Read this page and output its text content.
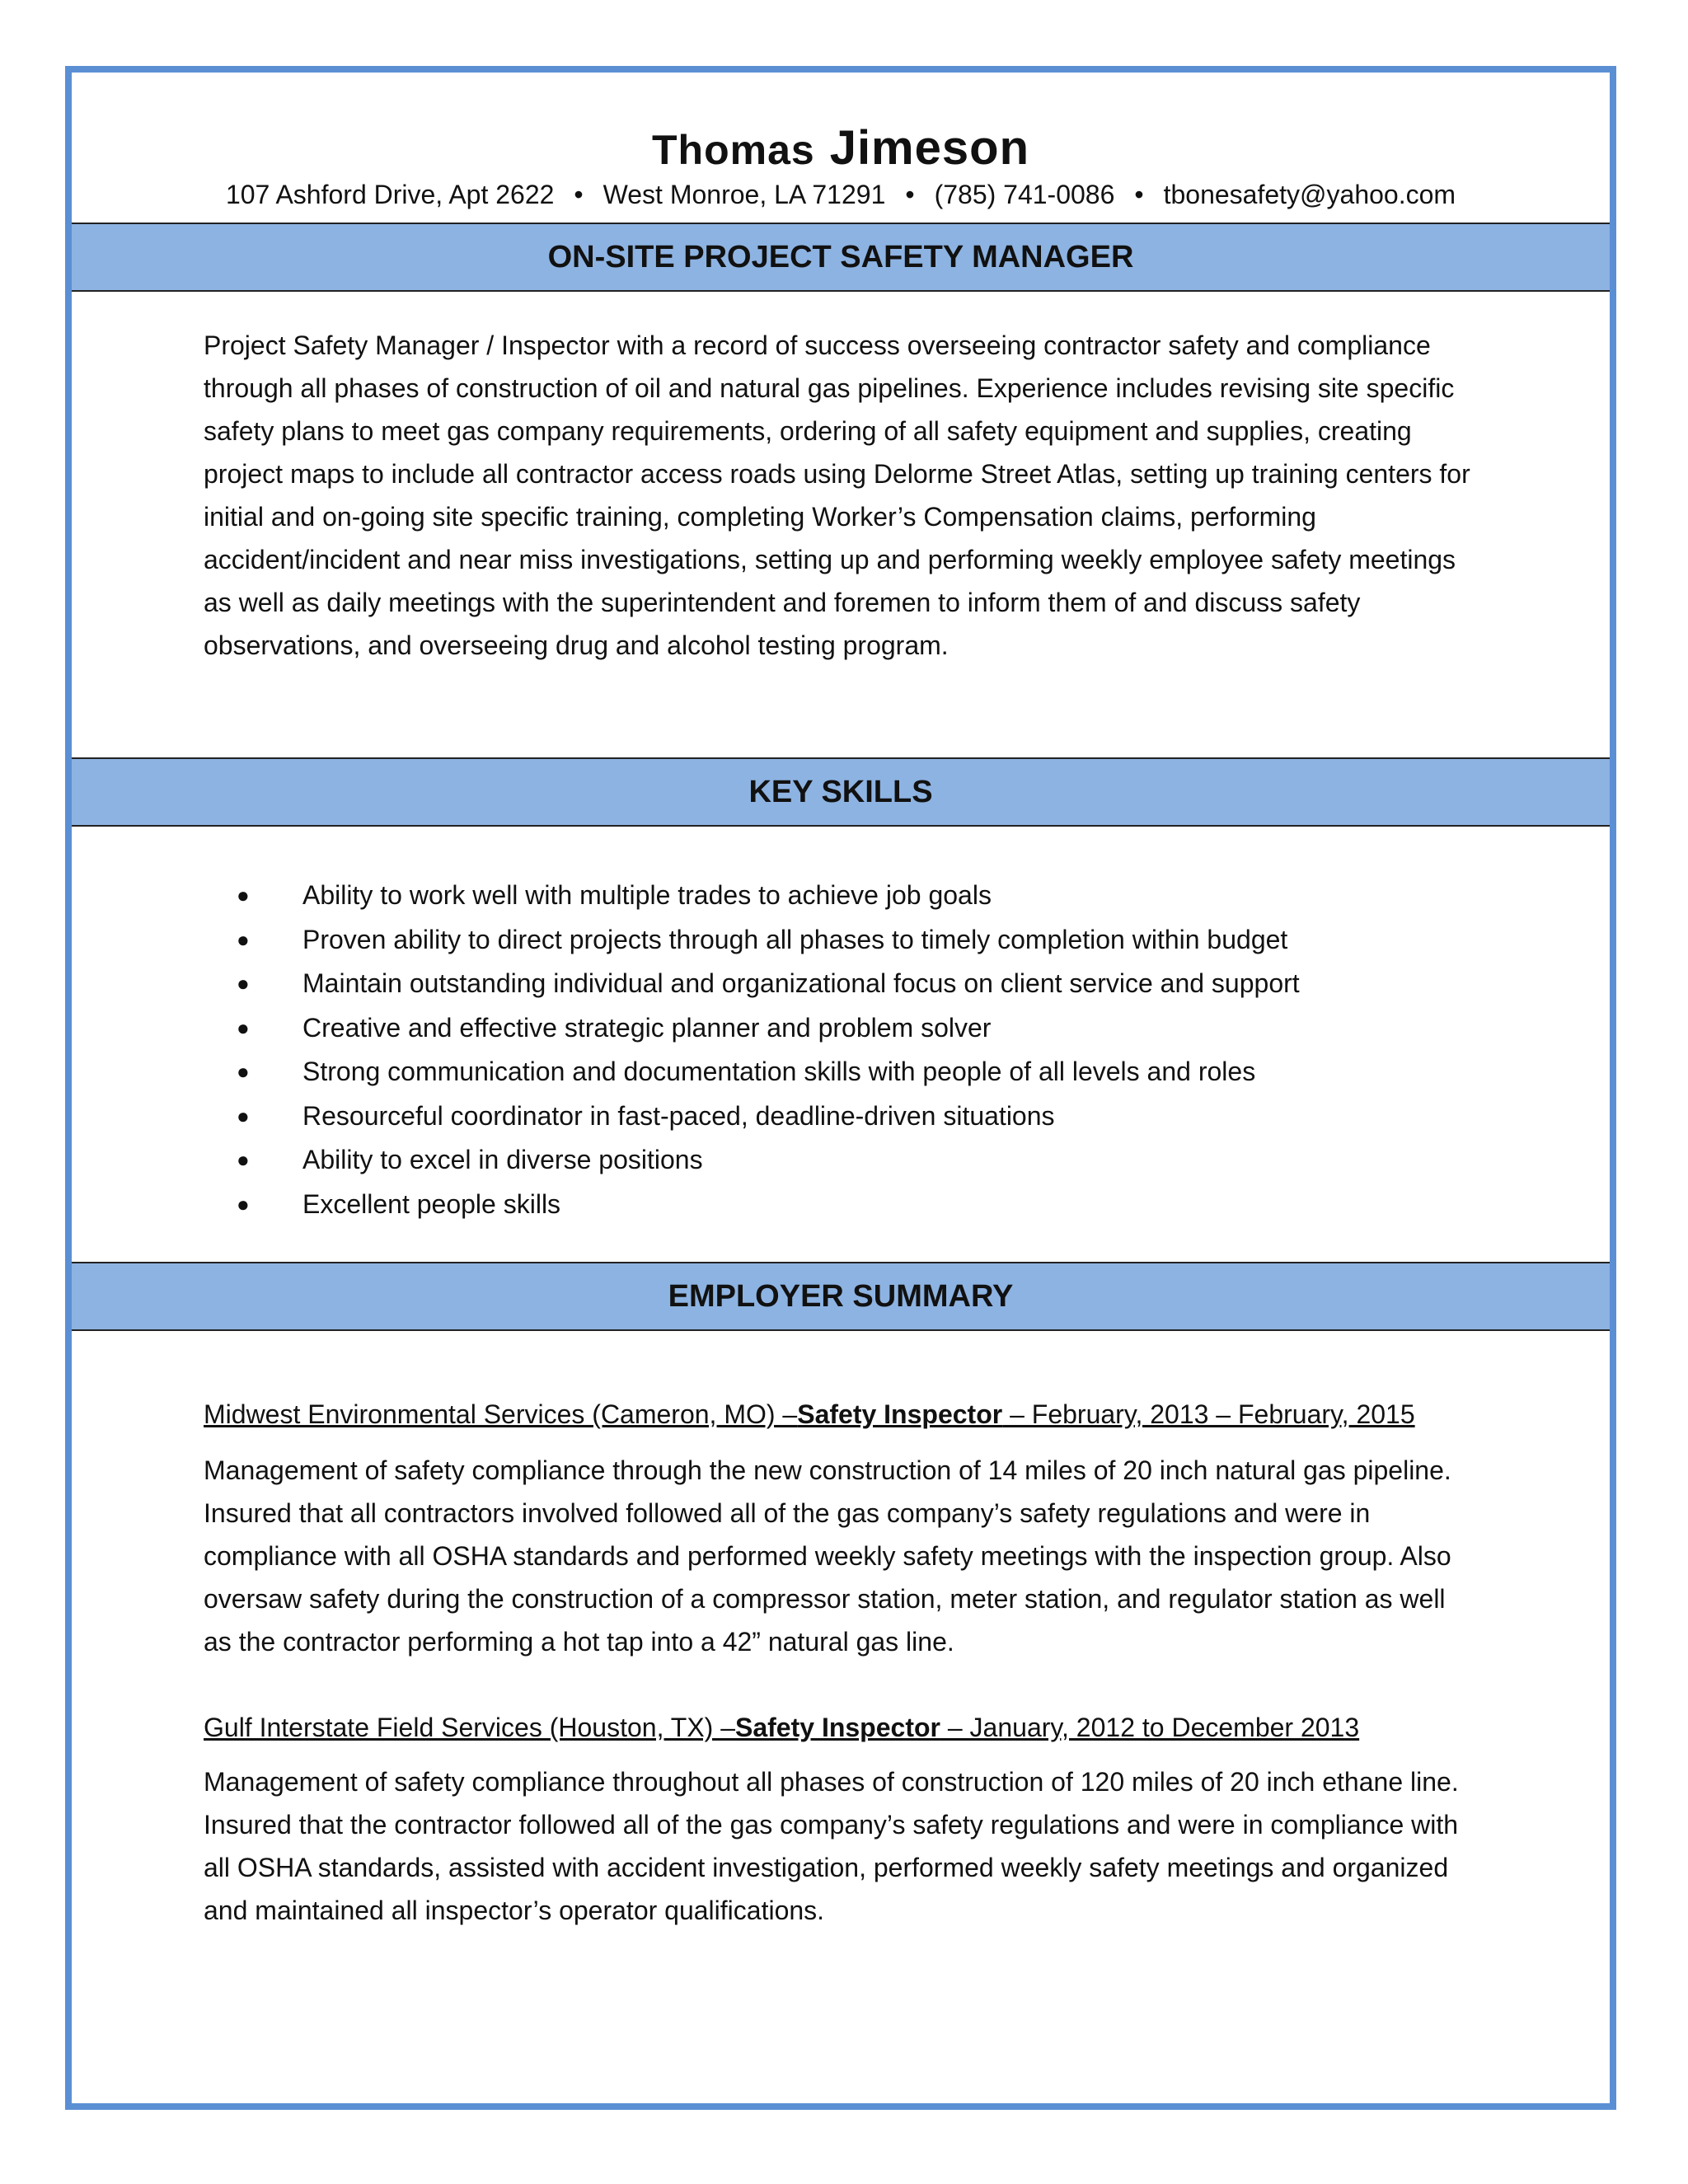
Thomas Jimeson
107 Ashford Drive, Apt 2622 • West Monroe, LA 71291 • (785) 741-0086 • tbonesafety@yahoo.com
ON-SITE PROJECT SAFETY MANAGER
Project Safety Manager / Inspector with a record of success overseeing contractor safety and compliance through all phases of construction of oil and natural gas pipelines. Experience includes revising site specific safety plans to meet gas company requirements, ordering of all safety equipment and supplies, creating project maps to include all contractor access roads using Delorme Street Atlas, setting up training centers for initial and on-going site specific training, completing Worker’s Compensation claims, performing accident/incident and near miss investigations, setting up and performing weekly employee safety meetings as well as daily meetings with the superintendent and foremen to inform them of and discuss safety observations, and overseeing drug and alcohol testing program.
KEY SKILLS
● Ability to work well with multiple trades to achieve job goals
● Proven ability to direct projects through all phases to timely completion within budget
● Maintain outstanding individual and organizational focus on client service and support
● Creative and effective strategic planner and problem solver
● Strong communication and documentation skills with people of all levels and roles
● Resourceful coordinator in fast-paced, deadline-driven situations
● Ability to excel in diverse positions
● Excellent people skills
EMPLOYER SUMMARY
Midwest Environmental Services (Cameron, MO) –Safety Inspector – February, 2013 – February, 2015
Management of safety compliance through the new construction of 14 miles of 20 inch natural gas pipeline. Insured that all contractors involved followed all of the gas company’s safety regulations and were in compliance with all OSHA standards and performed weekly safety meetings with the inspection group. Also oversaw safety during the construction of a compressor station, meter station, and regulator station as well as the contractor performing a hot tap into a 42” natural gas line.
Gulf Interstate Field Services (Houston, TX) –Safety Inspector – January, 2012 to December 2013
Management of safety compliance throughout all phases of construction of 120 miles of 20 inch ethane line. Insured that the contractor followed all of the gas company’s safety regulations and were in compliance with all OSHA standards, assisted with accident investigation, performed weekly safety meetings and organized and maintained all inspector’s operator qualifications.
